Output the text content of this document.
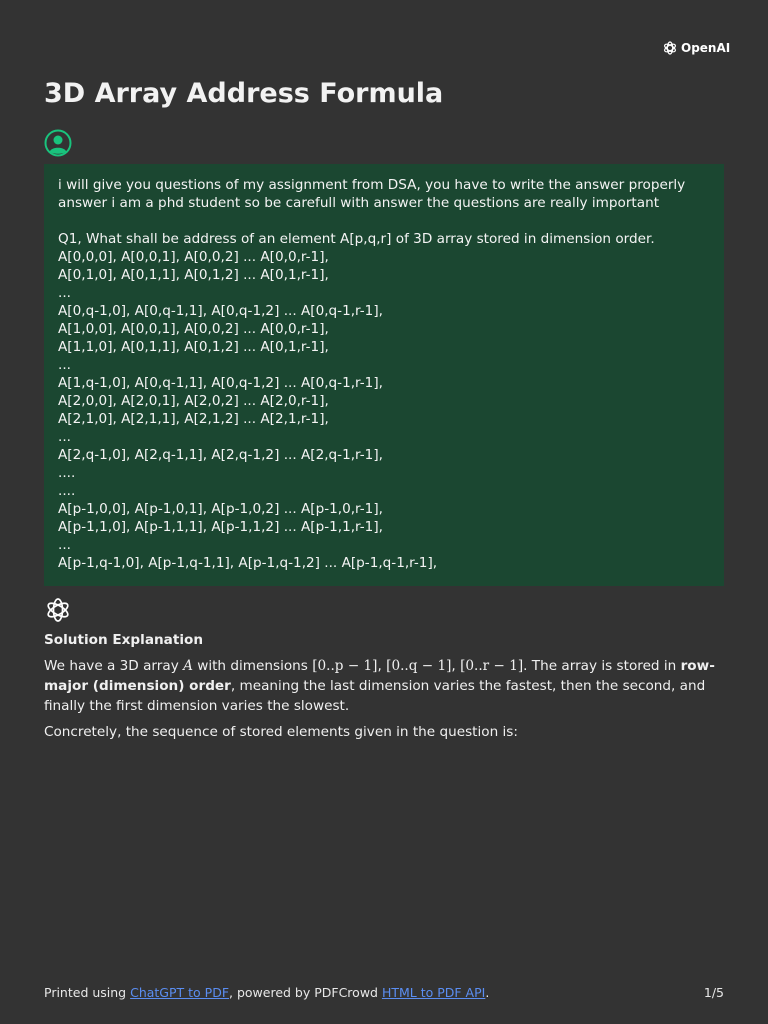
OpenAI
3D Array Address Formula

i will give you questions of my assignment from DSA, you have to write the answer properly answer i am a phd student so be carefull with answer the questions are really important

Q1, What shall be address of an element A[p,q,r] of 3D array stored in dimension order.
A[0,0,0], A[0,0,1], A[0,0,2] ... A[0,0,r-1],
A[0,1,0], A[0,1,1], A[0,1,2] ... A[0,1,r-1],
...
A[0,q-1,0], A[0,q-1,1], A[0,q-1,2] ... A[0,q-1,r-1],
A[1,0,0], A[0,0,1], A[0,0,2] ... A[0,0,r-1],
A[1,1,0], A[0,1,1], A[0,1,2] ... A[0,1,r-1],
...
A[1,q-1,0], A[0,q-1,1], A[0,q-1,2] ... A[0,q-1,r-1],
A[2,0,0], A[2,0,1], A[2,0,2] ... A[2,0,r-1],
A[2,1,0], A[2,1,1], A[2,1,2] ... A[2,1,r-1],
...
A[2,q-1,0], A[2,q-1,1], A[2,q-1,2] ... A[2,q-1,r-1],
....
....
A[p-1,0,0], A[p-1,0,1], A[p-1,0,2] ... A[p-1,0,r-1],
A[p-1,1,0], A[p-1,1,1], A[p-1,1,2] ... A[p-1,1,r-1],
...
A[p-1,q-1,0], A[p-1,q-1,1], A[p-1,q-1,2] ... A[p-1,q-1,r-1],
Solution Explanation

We have a 3D array A with dimensions [0..p − 1], [0..q − 1], [0..r − 1]. The array is stored in row-major (dimension) order, meaning the last dimension varies the fastest, then the second, and finally the first dimension varies the slowest.

Concretely, the sequence of stored elements given in the question is:

Printed using ChatGPT to PDF, powered by PDFCrowd HTML to PDF API.	1/5
